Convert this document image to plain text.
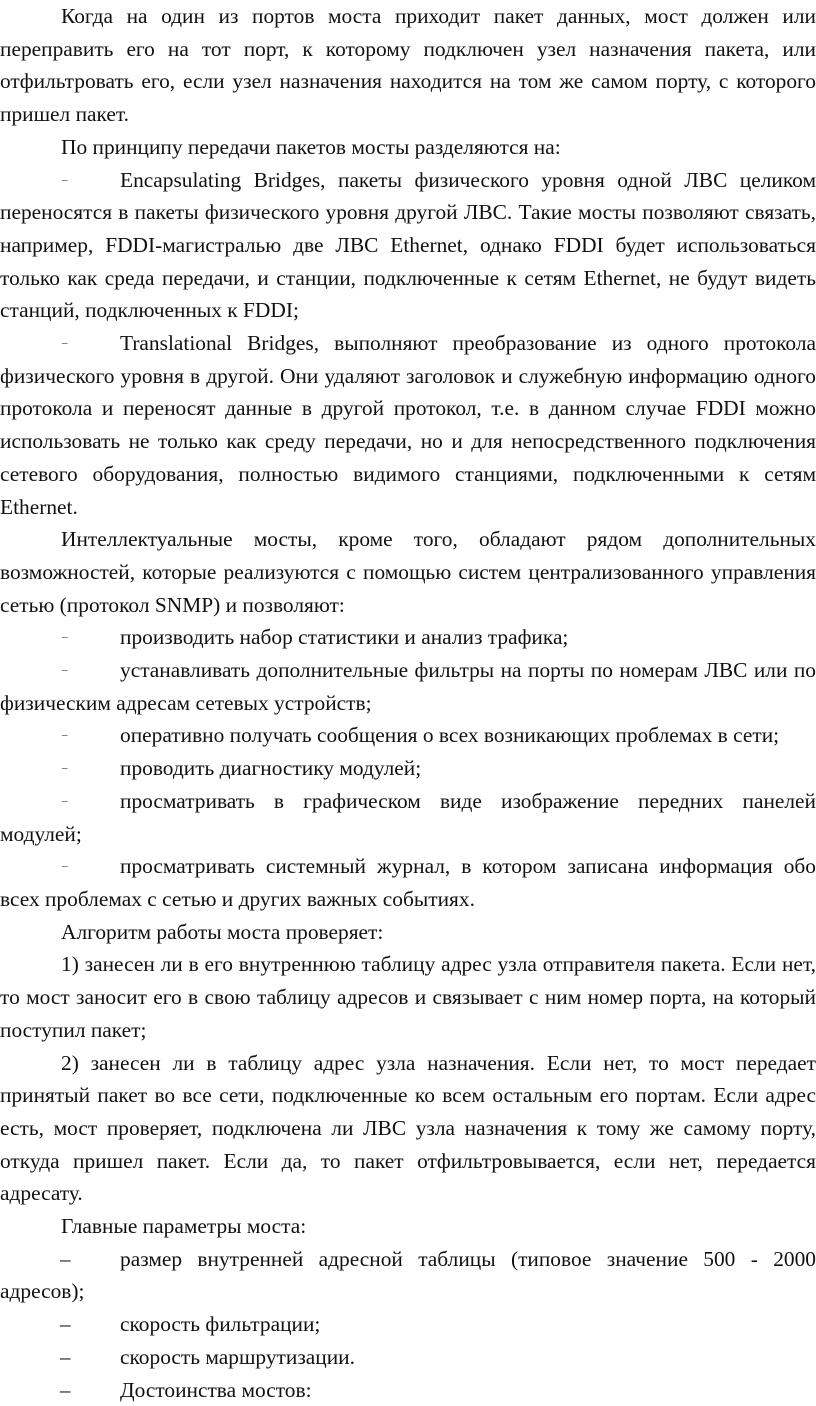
Когда на один из портов моста приходит пакет данных, мост должен или переправить его на тот порт, к которому подключен узел назначения пакета, или отфильтровать его, если узел назначения находится на том же самом порту, с которого пришел пакет.

По принципу передачи пакетов мосты разделяются на:

– Encapsulating Bridges, пакеты физического уровня одной ЛВС целиком переносятся в пакеты физического уровня другой ЛВС. Такие мосты позволяют связать, например, FDDI-магистралью две ЛВС Ethernet, однако FDDI будет использоваться только как среда передачи, и станции, подключенные к сетям Ethernet, не будут видеть станций, подключенных к FDDI;

– Translational Bridges, выполняют преобразование из одного протокола физического уровня в другой. Они удаляют заголовок и служебную информацию одного протокола и переносят данные в другой протокол, т.е. в данном случае FDDI можно использовать не только как среду передачи, но и для непосредственного подключения сетевого оборудования, полностью видимого станциями, подключенными к сетям Ethernet.

Интеллектуальные мосты, кроме того, обладают рядом дополнительных возможностей, которые реализуются с помощью систем централизованного управления сетью (протокол SNMP) и позволяют:

– производить набор статистики и анализ трафика;

– устанавливать дополнительные фильтры на порты по номерам ЛВС или по физическим адресам сетевых устройств;

– оперативно получать сообщения о всех возникающих проблемах в сети;

– проводить диагностику модулей;

– просматривать в графическом виде изображение передних панелей модулей;

– просматривать системный журнал, в котором записана информация обо всех проблемах с сетью и других важных событиях.

Алгоритм работы моста проверяет:

1) занесен ли в его внутреннюю таблицу адрес узла отправителя пакета. Если нет, то мост заносит его в свою таблицу адресов и связывает с ним номер порта, на который поступил пакет;

2) занесен ли в таблицу адрес узла назначения. Если нет, то мост передает принятый пакет во все сети, подключенные ко всем остальным его портам. Если адрес есть, мост проверяет, подключена ли ЛВС узла назначения к тому же самому порту, откуда пришел пакет. Если да, то пакет отфильтровывается, если нет, передается адресату.

Главные параметры моста:

– размер внутренней адресной таблицы (типовое значение 500 - 2000 адресов);

– скорость фильтрации;

– скорость маршрутизации.

– Достоинства мостов:
